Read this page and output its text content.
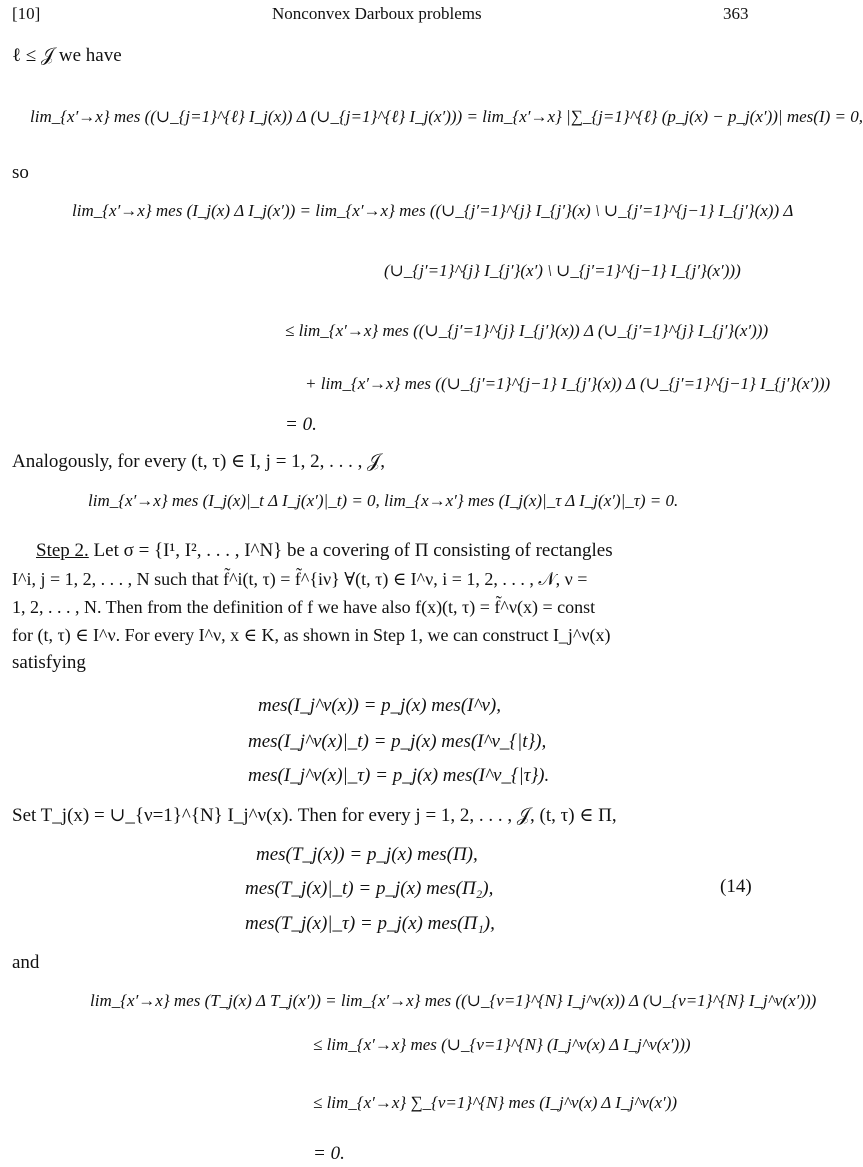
[10]	Nonconvex Darboux problems	363
ℓ ≤ 𝒥 we have
lim_{x′→x} mes ((∪_{j=1}^{ℓ} I_j(x)) Δ (∪_{j=1}^{ℓ} I_j(x′))) = lim_{x′→x} |∑_{j=1}^{ℓ} (p_j(x) − p_j(x′))| mes(I) = 0,
so
lim_{x′→x} mes (I_j(x) Δ I_j(x′)) = lim_{x′→x} mes ((∪_{j′=1}^{j} I_{j′}(x) \ ∪_{j′=1}^{j−1} I_{j′}(x)) Δ
(∪_{j′=1}^{j} I_{j′}(x′) \ ∪_{j′=1}^{j−1} I_{j′}(x′)))
≤ lim_{x′→x} mes ((∪_{j′=1}^{j} I_{j′}(x)) Δ (∪_{j′=1}^{j} I_{j′}(x′)))
+ lim_{x′→x} mes ((∪_{j′=1}^{j−1} I_{j′}(x)) Δ (∪_{j′=1}^{j−1} I_{j′}(x′)))
= 0.
Analogously, for every (t, τ) ∈ I, j = 1, 2, . . . , 𝒥,
lim_{x′→x} mes (I_j(x)|_t Δ I_j(x′)|_t) = 0, lim_{x→x′} mes (I_j(x)|_τ Δ I_j(x′)|_τ) = 0.
Step 2. Let σ = {I¹, I², . . . , I^N} be a covering of Π consisting of rectangles
I^i, j = 1, 2, . . . , N such that f̃^i(t, τ) = f̃^{iν} ∀(t, τ) ∈ I^ν, i = 1, 2, . . . , 𝒩, ν =
1, 2, . . . , N. Then from the definition of f we have also f(x)(t, τ) = f̃^ν(x) = const
for (t, τ) ∈ I^ν. For every I^ν, x ∈ K, as shown in Step 1, we can construct I_j^ν(x)
satisfying
mes(I_j^ν(x)) = p_j(x) mes(I^ν),
mes(I_j^ν(x)|_t) = p_j(x) mes(I^ν_{|t}),
mes(I_j^ν(x)|_τ) = p_j(x) mes(I^ν_{|τ}).
Set T_j(x) = ∪_{ν=1}^{N} I_j^ν(x). Then for every j = 1, 2, . . . , 𝒥, (t, τ) ∈ Π,
mes(T_j(x)) = p_j(x) mes(Π),
mes(T_j(x)|_t) = p_j(x) mes(Π₂),
mes(T_j(x)|_τ) = p_j(x) mes(Π₁),
(14)
and
lim_{x′→x} mes (T_j(x) Δ T_j(x′)) = lim_{x′→x} mes ((∪_{ν=1}^{N} I_j^ν(x)) Δ (∪_{ν=1}^{N} I_j^ν(x′)))
≤ lim_{x′→x} mes (∪_{ν=1}^{N} (I_j^ν(x) Δ I_j^ν(x′)))
≤ lim_{x′→x} ∑_{ν=1}^{N} mes (I_j^ν(x) Δ I_j^ν(x′))
= 0.
